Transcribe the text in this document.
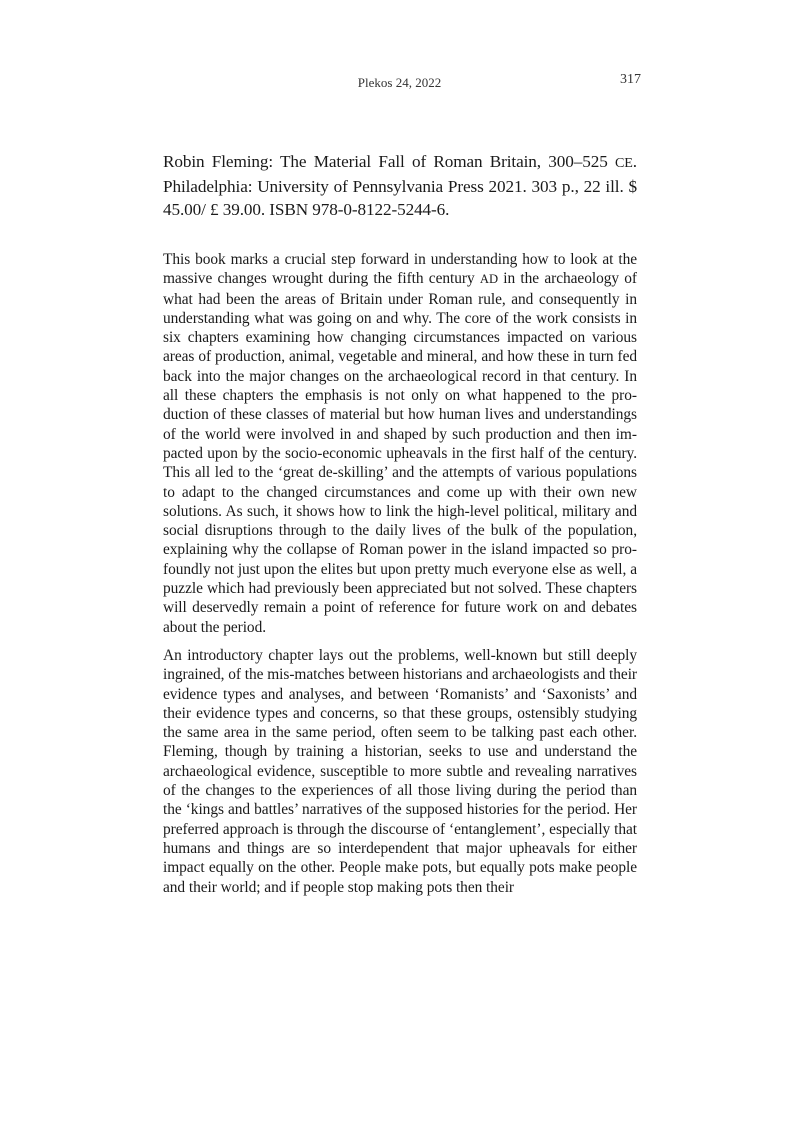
Plekos 24, 2022	317

Robin Fleming: The Material Fall of Roman Britain, 300–525 CE. Philadelphia: University of Pennsylvania Press 2021. 303 p., 22 ill. $ 45.00/ £ 39.00. ISBN 978-0-8122-5244-6.

This book marks a crucial step forward in understanding how to look at the massive changes wrought during the fifth century AD in the archaeology of what had been the areas of Britain under Roman rule, and consequently in understanding what was going on and why. The core of the work consists in six chapters examining how changing circumstances impacted on various areas of production, animal, vegetable and mineral, and how these in turn fed back into the major changes on the archaeological record in that century. In all these chapters the emphasis is not only on what happened to the production of these classes of material but how human lives and understandings of the world were involved in and shaped by such production and then impacted upon by the socio-economic upheavals in the first half of the century. This all led to the ‘great de-skilling’ and the attempts of various populations to adapt to the changed circumstances and come up with their own new solutions. As such, it shows how to link the high-level political, military and social disruptions through to the daily lives of the bulk of the population, explaining why the collapse of Roman power in the island impacted so profoundly not just upon the elites but upon pretty much everyone else as well, a puzzle which had previously been appreciated but not solved. These chapters will deservedly remain a point of reference for future work on and debates about the period.

An introductory chapter lays out the problems, well-known but still deeply ingrained, of the mis-matches between historians and archaeologists and their evidence types and analyses, and between ‘Romanists’ and ‘Saxonists’ and their evidence types and concerns, so that these groups, ostensibly studying the same area in the same period, often seem to be talking past each other. Fleming, though by training a historian, seeks to use and understand the archaeological evidence, susceptible to more subtle and revealing narratives of the changes to the experiences of all those living during the period than the ‘kings and battles’ narratives of the supposed histories for the period. Her preferred approach is through the discourse of ‘entanglement’, especially that humans and things are so interdependent that major upheavals for either impact equally on the other. People make pots, but equally pots make people and their world; and if people stop making pots then their
